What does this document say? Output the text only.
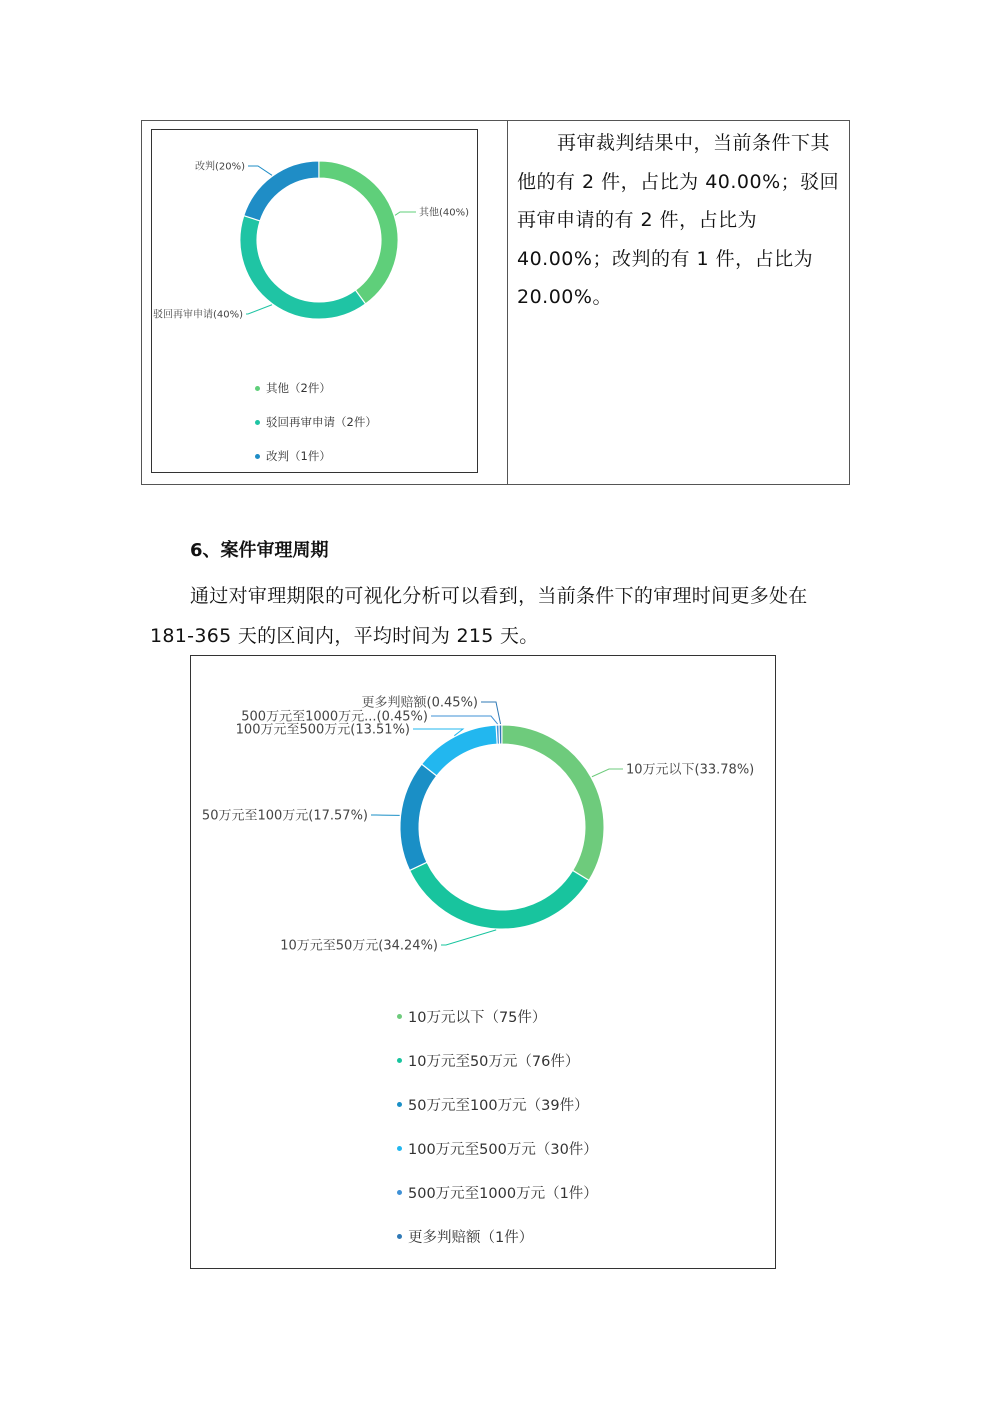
其他(40%)
驳回再审申请(40%)
改判(20%)
其他（2件）
驳回再审申请（2件）
改判（1件）

再审裁判结果中，当前条件下其他的有 2 件，占比为 40.00%；驳回再审申请的有 2 件，占比为 40.00%；改判的有 1 件，占比为 20.00%。

6、案件审理周期

通过对审理期限的可视化分析可以看到，当前条件下的审理时间更多处在181-365 天的区间内，平均时间为 215 天。

10万元以下(33.78%)
10万元至50万元(34.24%)
50万元至100万元(17.57%)
100万元至500万元(13.51%)
500万元至1000万元...(0.45%)
更多判赔额(0.45%)
10万元以下（75件）
10万元至50万元（76件）
50万元至100万元（39件）
100万元至500万元（30件）
500万元至1000万元（1件）
更多判赔额（1件）
